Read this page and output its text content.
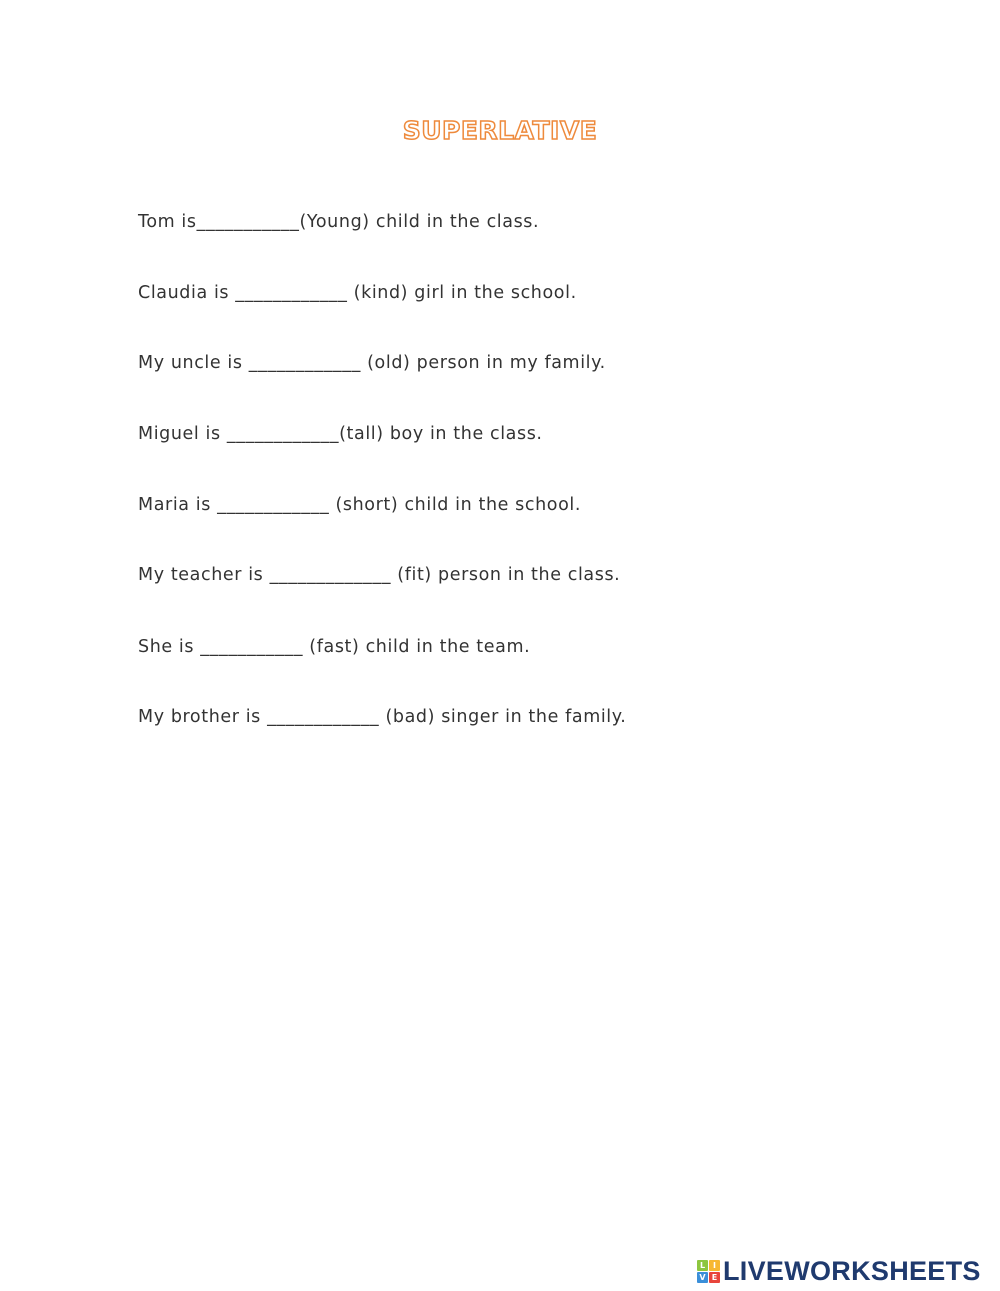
SUPERLATIVE
Tom is___________(Young) child in the class.
Claudia is ____________ (kind) girl in the school.
My uncle is ____________ (old) person in my family.
Miguel is ____________(tall) boy in the class.
Maria is ____________ (short) child in the school.
My teacher is _____________ (fit) person in the class.
She is ___________ (fast) child in the team.
My brother is ____________ (bad) singer in the family.
L I
V E LIVEWORKSHEETS
